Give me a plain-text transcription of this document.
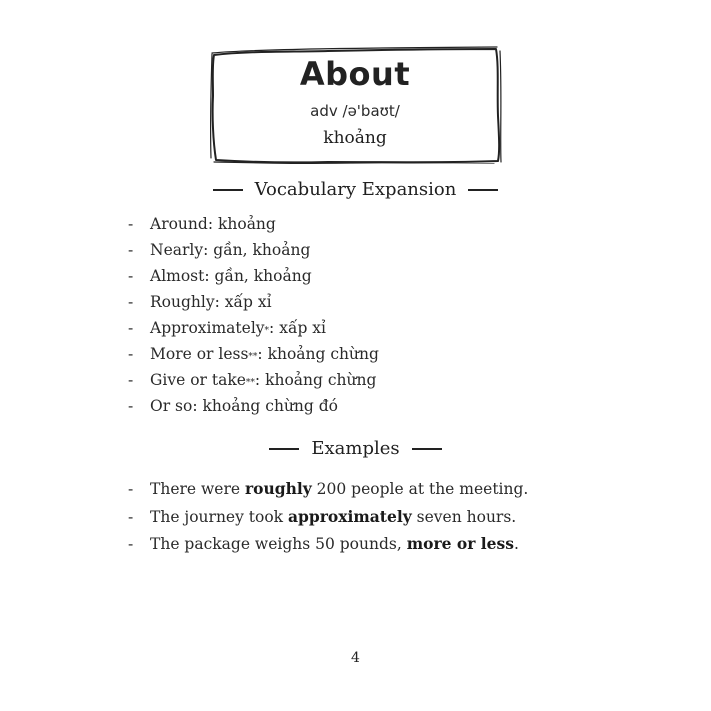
About
adv /ə'baʊt/
khoảng
Vocabulary Expansion
-	Around : khoảng
-	Nearly : gần, khoảng
-	Almost : gần, khoảng
-	Roughly : xấp xỉ
-	Approximately * : xấp xỉ
-	More or less ** : khoảng chừng
-	Give or take ** : khoảng chừng
-	Or so : khoảng chừng đó
Examples
-	There were roughly 200 people at the meeting.
-	The journey took approximately seven hours.
-	The package weighs 50 pounds, more or less .
4
